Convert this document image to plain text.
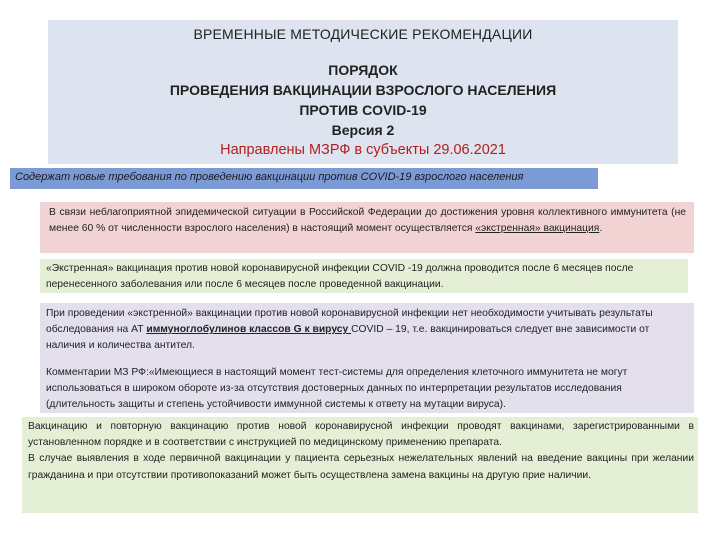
ВРЕМЕННЫЕ МЕТОДИЧЕСКИЕ РЕКОМЕНДАЦИИ
ПОРЯДОК
ПРОВЕДЕНИЯ ВАКЦИНАЦИИ ВЗРОСЛОГО НАСЕЛЕНИЯ
ПРОТИВ COVID-19
Версия 2
Направлены МЗРФ в субъекты 29.06.2021
Содержат новые требования по проведению вакцинации против COVID-19 взрослого населения
В связи неблагоприятной эпидемической ситуации в Российской Федерации до достижения уровня коллективного иммунитета (не менее 60 % от численности взрослого населения) в настоящий момент осуществляется «экстренная» вакцинация.
«Экстренная» вакцинация против новой коронавирусной инфекции COVID -19 должна проводится после 6 месяцев после перенесенного заболевания или после 6 месяцев после проведенной вакцинации.
При проведении «экстренной» вакцинации против новой коронавирусной инфекции нет необходимости учитывать результаты обследования на АТ иммуноглобулинов классов G к вирусу COVID – 19, т.е. вакцинироваться следует вне зависимости от наличия и количества антител.
Комментарии МЗ РФ:«Имеющиеся в настоящий момент тест-системы для определения клеточного иммунитета не могут использоваться в широком обороте из-за отсутствия достоверных данных по интерпретации результатов исследования (длительность защиты и степень устойчивости иммунной системы к ответу на мутации вируса).
Вакцинацию и повторную вакцинацию против новой коронавирусной инфекции проводят вакцинами, зарегистрированными в установленном порядке и в соответствии с инструкцией по медицинскому применению препарата.
В случае выявления в ходе первичной вакцинации у пациента серьезных нежелательных явлений на введение вакцины при желании гражданина и при отсутствии противопоказаний может быть осуществлена замена вакцины на другую прие наличии.
